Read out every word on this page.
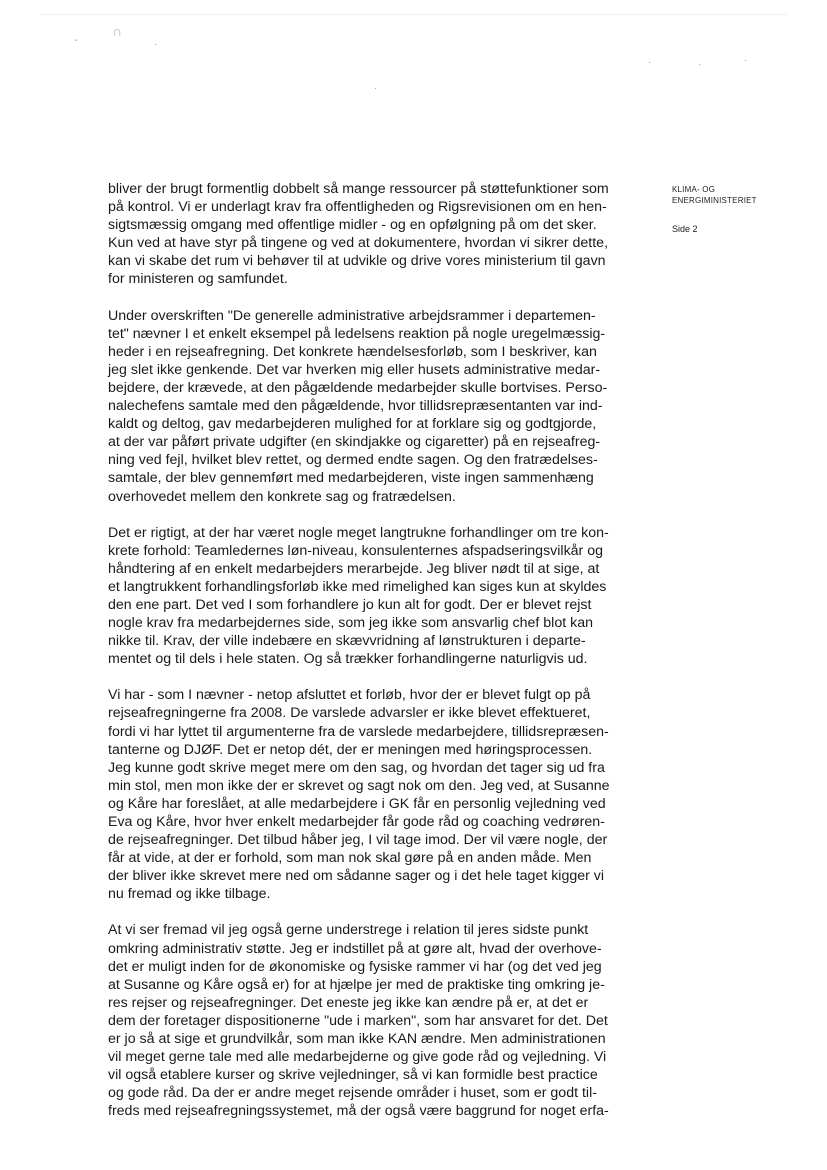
-
∩
·
·
·	·	·
KLIMA- OG
ENERGIMINISTERIET
Side 2

bliver der brugt formentlig dobbelt så mange ressourcer på støttefunktioner som
på kontrol. Vi er underlagt krav fra offentligheden og Rigsrevisionen om en hen-
sigtsmæssig omgang med offentlige midler - og en opfølgning på om det sker.
Kun ved at have styr på tingene og ved at dokumentere, hvordan vi sikrer dette,
kan vi skabe det rum vi behøver til at udvikle og drive vores ministerium til gavn
for ministeren og samfundet.

Under overskriften "De generelle administrative arbejdsrammer i departemen-
tet" nævner I et enkelt eksempel på ledelsens reaktion på nogle uregelmæssig-
heder i en rejseafregning. Det konkrete hændelsesforløb, som I beskriver, kan
jeg slet ikke genkende. Det var hverken mig eller husets administrative medar-
bejdere, der krævede, at den pågældende medarbejder skulle bortvises. Perso-
nalechefens samtale med den pågældende, hvor tillidsrepræsentanten var ind-
kaldt og deltog, gav medarbejderen mulighed for at forklare sig og godtgjorde,
at der var påført private udgifter (en skindjakke og cigaretter) på en rejseafreg-
ning ved fejl, hvilket blev rettet, og dermed endte sagen. Og den fratrædelses-
samtale, der blev gennemført med medarbejderen, viste ingen sammenhæng
overhovedet mellem den konkrete sag og fratrædelsen.

Det er rigtigt, at der har været nogle meget langtrukne forhandlinger om tre kon-
krete forhold: Teamledernes løn-niveau, konsulenternes afspadseringsvilkår og
håndtering af en enkelt medarbejders merarbejde. Jeg bliver nødt til at sige, at
et langtrukkent forhandlingsforløb ikke med rimelighed kan siges kun at skyldes
den ene part. Det ved I som forhandlere jo kun alt for godt. Der er blevet rejst
nogle krav fra medarbejdernes side, som jeg ikke som ansvarlig chef blot kan
nikke til. Krav, der ville indebære en skævvridning af lønstrukturen i departe-
mentet og til dels i hele staten. Og så trækker forhandlingerne naturligvis ud.

Vi har - som I nævner - netop afsluttet et forløb, hvor der er blevet fulgt op på
rejseafregningerne fra 2008. De varslede advarsler er ikke blevet effektueret,
fordi vi har lyttet til argumenterne fra de varslede medarbejdere, tillidsrepræsen-
tanterne og DJØF. Det er netop dét, der er meningen med høringsprocessen.
Jeg kunne godt skrive meget mere om den sag, og hvordan det tager sig ud fra
min stol, men mon ikke der er skrevet og sagt nok om den. Jeg ved, at Susanne
og Kåre har foreslået, at alle medarbejdere i GK får en personlig vejledning ved
Eva og Kåre, hvor hver enkelt medarbejder får gode råd og coaching vedrøren-
de rejseafregninger. Det tilbud håber jeg, I vil tage imod. Der vil være nogle, der
får at vide, at der er forhold, som man nok skal gøre på en anden måde. Men
der bliver ikke skrevet mere ned om sådanne sager og i det hele taget kigger vi
nu fremad og ikke tilbage.

At vi ser fremad vil jeg også gerne understrege i relation til jeres sidste punkt
omkring administrativ støtte. Jeg er indstillet på at gøre alt, hvad der overhove-
det er muligt inden for de økonomiske og fysiske rammer vi har (og det ved jeg
at Susanne og Kåre også er) for at hjælpe jer med de praktiske ting omkring je-
res rejser og rejseafregninger. Det eneste jeg ikke kan ændre på er, at det er
dem der foretager dispositionerne "ude i marken", som har ansvaret for det. Det
er jo så at sige et grundvilkår, som man ikke KAN ændre. Men administrationen
vil meget gerne tale med alle medarbejderne og give gode råd og vejledning. Vi
vil også etablere kurser og skrive vejledninger, så vi kan formidle best practice
og gode råd. Da der er andre meget rejsende områder i huset, som er godt til-
freds med rejseafregningssystemet, må der også være baggrund for noget erfa-
